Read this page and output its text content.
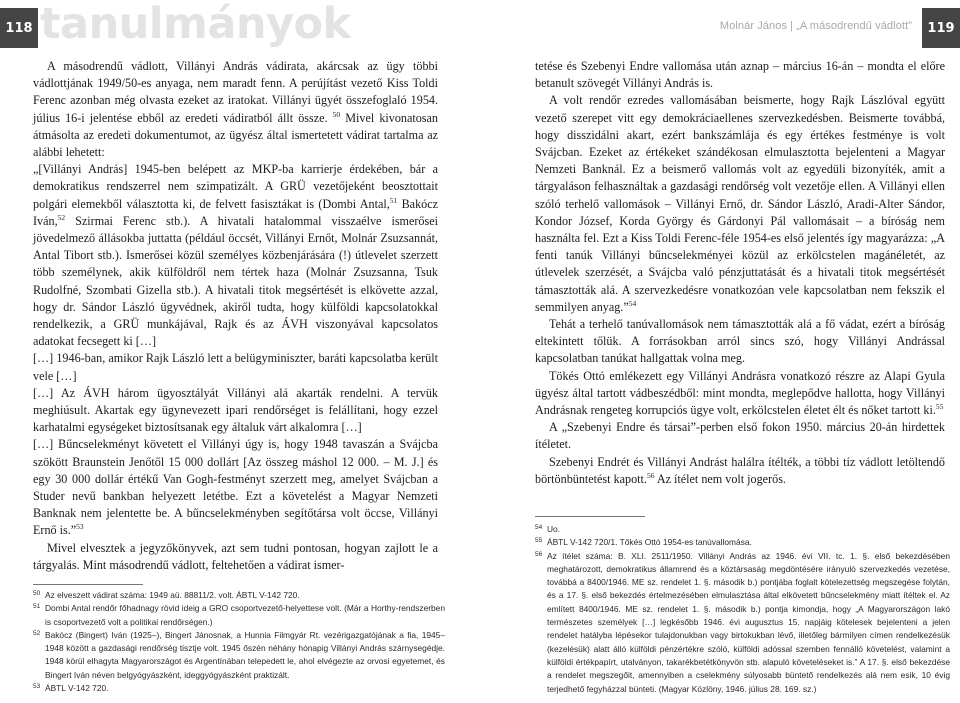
118 tanulmányok

A másodrendű vádlott, Villányi András vádirata, akárcsak az ügy többi vádlottjának 1949/50-es anyaga, nem maradt fenn. A perújítást vezető Kiss Toldi Ferenc azonban még olvasta ezeket az iratokat. Villányi ügyét összefoglaló 1954. július 16-i jelentése ebből az eredeti vádiratból állt össze. $^{50}$ Mivel kivonatosan átmásolta az eredeti dokumentumot, az ügyész által ismertetett vádirat tartalma az alábbi lehetett:

„[Villányi András] 1945-ben belépett az MKP-ba karrierje érdekében, bár a demokratikus rendszerrel nem szimpatizált. A GRÜ vezetőjeként beosztottait polgári elemekből választotta ki, de felvett fasisztákat is (Dombi Antal,$^{51}$ Bakócz Iván,$^{52}$ Szirmai Ferenc stb.). A hivatali hatalommal visszaélve ismerősei jövedelmező állásokba juttatta (például öccsét, Villányi Ernőt, Molnár Zsuzsannát, Antal Tibort stb.). Ismerősei közül személyes közbenjárására (!) útlevelet szerzett több személynek, akik külföldről nem tértek haza (Molnár Zsuzsanna, Tsuk Rudolfné, Szombati Gizella stb.). A hivatali titok megsértését is elkövette azzal, hogy dr. Sándor László ügyvédnek, akiről tudta, hogy külföldi kapcsolatokkal rendelkezik, a GRÜ munkájával, Rajk és az ÁVH viszonyával kapcsolatos adatokat fecsegett ki […]

[…] 1946-ban, amikor Rajk László lett a belügyminiszter, baráti kapcsolatba került vele […]

[…] Az ÁVH három ügyosztályát Villányi alá akarták rendelni. A tervük meghiúsult. Akartak egy ügynevezett ipari rendőrséget is felállítani, hogy ezzel karhatalmi egységeket biztosítsanak egy általuk várt alkalomra […]

[…] Bűncselekményt követett el Villányi úgy is, hogy 1948 tavaszán a Svájcba szökött Braunstein Jenőtől 15 000 dollárt [Az összeg máshol 12 000. – M. J.] és egy 30 000 dollár értékű Van Gogh-festményt szerzett meg, amelyet Svájcban a Studer nevű bankban helyezett letétbe. Ezt a követelést a Magyar Nemzeti Banknak nem jelentette be. A bűncselekményben segítőtársa volt öccse, Villányi Ernő is.”$^{53}$

Mivel elvesztek a jegyzőkönyvek, azt sem tudni pontosan, hogyan zajlott le a tárgyalás. Mint másodrendű vádlott, feltehetően a vádirat ismer-

50 Az elveszett vádirat száma: 1949 aü. 88811/2. volt. ÁBTL V-142 720.

51 Dombi Antal rendőr főhadnagy rövid ideig a GRO csoportvezető-helyettese volt. (Már a Horthy-rendszerben is csoportvezető volt a politikai rendőrségen.)

52 Bakócz (Bingert) Iván (1925–), Bingert Jánosnak, a Hunnia Filmgyár Rt. vezérigazgatójának a fia, 1945–1948 között a gazdasági rendőrség tisztje volt. 1945 őszén néhány hónapig Villányi András szárnysegédje. 1948 körül elhagyta Magyarországot és Argentínában telepedett le, ahol elvégezte az orvosi egyetemet, és Bingert Iván néven belgyógyászként, ideggyógyászként praktizált.

53 ÁBTL V-142 720.

Molnár János | „A másodrendű vádlott”	119

tetése és Szebenyi Endre vallomása után aznap – március 16-án – mondta el előre betanult szövegét Villányi András is.

A volt rendőr ezredes vallomásában beismerte, hogy Rajk Lászlóval együtt vezető szerepet vitt egy demokráciaellenes szervezkedésben. Beismerte továbbá, hogy disszidálni akart, ezért bankszámlája és egy értékes festménye is volt Svájcban. Ezeket az értékeket szándékosan elmulasztotta bejelenteni a Magyar Nemzeti Banknál. Ez a beismerő vallomás volt az egyedüli bizonyíték, amit a tárgyaláson felhasználtak a gazdasági rendőrség volt vezetője ellen. A Villányi ellen szóló terhelő vallomások – Villányi Ernő, dr. Sándor László, Aradi-Alter Sándor, Kondor József, Korda György és Gárdonyi Pál vallomásait – a bíróság nem használta fel. Ezt a Kiss Toldi Ferenc-féle 1954-es első jelentés így magyarázza: „A fenti tanúk Villányi bűncselekményei közül az erkölcstelen magánéletét, az útlevelek szerzését, a Svájcba való pénzjuttatását és a hivatali titok megsértését támasztották alá. A szervezkedésre vonatkozóan vele kapcsolatban nem fekszik el semmilyen anyag.”$^{54}$

Tehát a terhelő tanúvallomások nem támasztották alá a fő vádat, ezért a bíróság eltekintett tőlük. A forrásokban arról sincs szó, hogy Villányi Andrással kapcsolatban tanúkat hallgattak volna meg.

Tökés Ottó emlékezett egy Villányi Andrásra vonatkozó részre az Alapi Gyula ügyész által tartott vádbeszédből: mint mondta, megleрődve hallotta, hogy Villányi Andrásnak rengeteg korrupciós ügye volt, erkölcstelen életet élt és nőket tartott ki.$^{55}$

A „Szebenyi Endre és társai”-perben első fokon 1950. március 20-án hirdettek ítéletet.

Szebenyi Endrét és Villányi Andrást halálra ítélték, a többi tíz vádlott letöltendő börtönbüntetést kapott.$^{56}$ Az ítélet nem volt jogerős.

54 Uo.

55 ÁBTL V-142 720/1. Tőkés Ottó 1954-es tanúvallomása.

56 Az ítélet száma: B. XLI. 2511/1950. Villányi András az 1946. évi VII. tc. 1. §. első bekezdésében meghatározott, demokratikus államrend és a köztársaság megdöntésére irányuló szervezkedés vezetése, továbbá a 8400/1946. ME sz. rendelet 1. §. második b.) pontjába foglalt kötelezettség megszegése folytán, és a 17. §. első bekezdés értelmezésében elmulasztása által elkövetett bűncselekmény miatt ítéltek el. Az említett 8400/1946. ME sz. rendelet 1. §. második b.) pontja kimondja, hogy „A Magyarországon lakó természetes személyek […] legkésőbb 1946. évi augusztus 15. napjáig kötelesek bejelenteni a jelen rendelet hatályba lépésekor tulajdonukban vagy birtokukban lévő, illetőleg bármilyen címen rendelkezésük (kezelésük) alatt álló külföldi pénzértékre szóló, külföldi adóssal szemben fennálló követelést, valamint a külföldi értékpapírt, utalványon, takarékbetétkönyvön stb. alapuló követeléseket is.” A 17. §. első bekezdése a rendelet megszegőit, amennyiben a cselekmény súlyosabb büntető rendelkezés alá nem esik, 10 évig terjedhető fegyházzal bünteti. (Magyar Közlöny, 1946. július 28. 169. sz.)
